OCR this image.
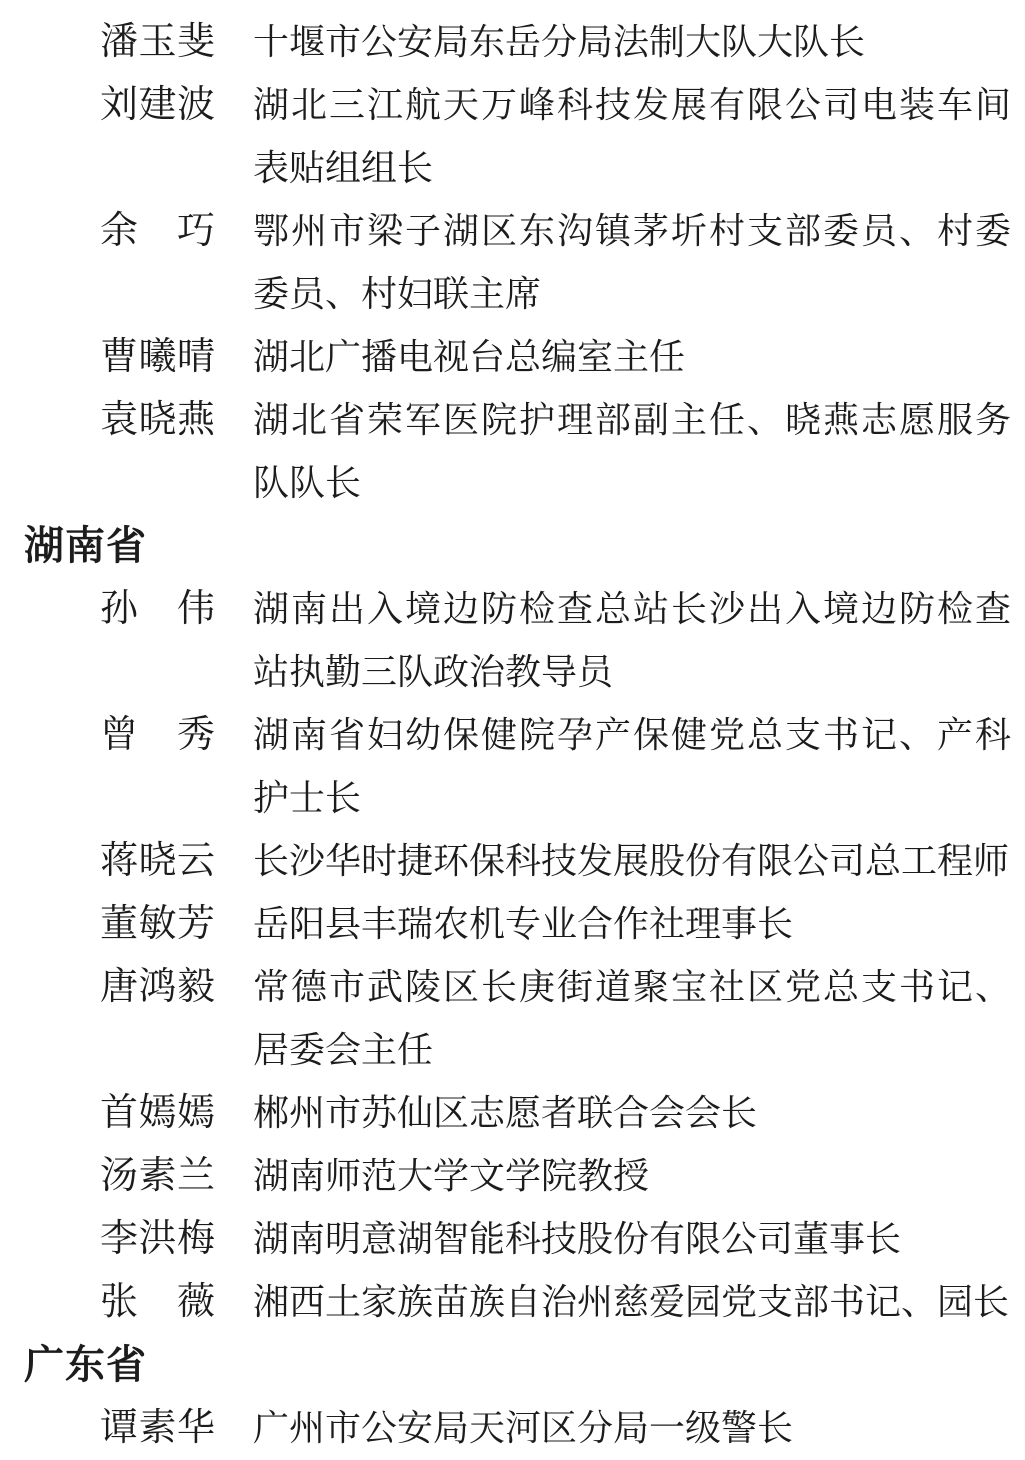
潘 玉 斐 十堰市公安局东岳分局法制大队大队长
刘 建 波 湖北三江航天万峰科技发展有限公司电装车间
表贴组组长
余 巧 鄂州市梁子湖区东沟镇茅圻村支部委员、村委
委员、村妇联主席
曹 曦 晴 湖北广播电视台总编室主任
袁 晓 燕 湖北省荣军医院护理部副主任、晓燕志愿服务
队队长
湖南省
孙 伟 湖南出入境边防检查总站长沙出入境边防检查
站执勤三队政治教导员
曾 秀 湖南省妇幼保健院孕产保健党总支书记、产科
护士长
蒋 晓 云 长沙华时捷环保科技发展股份有限公司总工程师
董 敏 芳 岳阳县丰瑞农机专业合作社理事长
唐 鸿 毅 常德市武陵区长庚街道聚宝社区党总支书记、
居委会主任
首 嫣 嫣 郴州市苏仙区志愿者联合会会长
汤 素 兰 湖南师范大学文学院教授
李 洪 梅 湖南明意湖智能科技股份有限公司董事长
张 薇 湘西土家族苗族自治州慈爱园党支部书记、园长
广东省
谭 素 华 广州市公安局天河区分局一级警长
